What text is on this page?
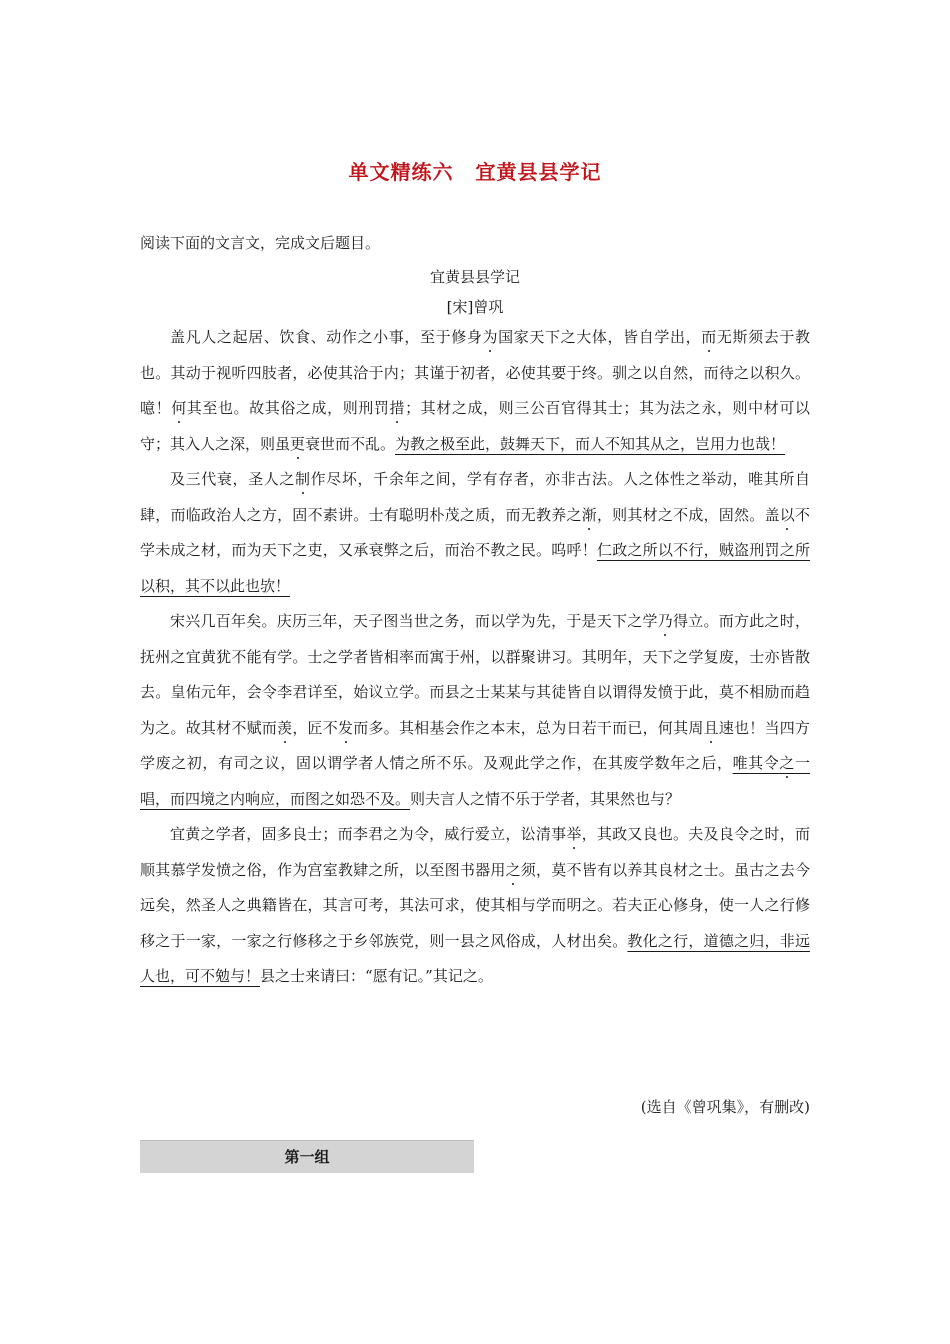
单文精练六 宜黄县县学记
阅读下面的文言文，完成文后题目。
宜黄县县学记
[宋]曾巩

盖凡人之起居、饮食、动作之小事，至于修身为国家天下之大体，皆自学出，而无斯须去于教也。其动于视听四肢者，必使其洽于内；其谨于初者，必使其要于终。驯之以自然，而待之以积久。噫！何其至也。故其俗之成，则刑罚措；其材之成，则三公百官得其士；其为法之永，则中材可以守；其入人之深，则虽更衰世而不乱。为教之极至此，鼓舞天下，而人不知其从之，岂用力也哉！

及三代衰，圣人之制作尽坏，千余年之间，学有存者，亦非古法。人之体性之举动，唯其所自肆，而临政治人之方，固不素讲。士有聪明朴茂之质，而无教养之渐，则其材之不成，固然。盖以不学未成之材，而为天下之吏，又承衰弊之后，而治不教之民。呜呼！仁政之所以不行，贼盗刑罚之所以积，其不以此也欤！

宋兴几百年矣。庆历三年，天子图当世之务，而以学为先，于是天下之学乃得立。而方此之时，抚州之宜黄犹不能有学。士之学者皆相率而寓于州，以群聚讲习。其明年，天下之学复废，士亦皆散去。皇佑元年，会令李君详至，始议立学。而县之士某某与其徒皆自以谓得发愤于此，莫不相励而趋为之。故其材不赋而羡，匠不发而多。其相基会作之本末，总为日若干而已，何其周且速也！当四方学废之初，有司之议，固以谓学者人情之所不乐。及观此学之作，在其废学数年之后，唯其令之一唱，而四境之内响应，而图之如恐不及。则夫言人之情不乐于学者，其果然也与？

宜黄之学者，固多良士；而李君之为令，威行爱立，讼清事举，其政又良也。夫及良令之时，而顺其慕学发愤之俗，作为宫室教肄之所，以至图书器用之须，莫不皆有以养其良材之士。虽古之去今远矣，然圣人之典籍皆在，其言可考，其法可求，使其相与学而明之。若夫正心修身，使一人之行修移之于一家，一家之行修移之于乡邻族党，则一县之风俗成，人材出矣。教化之行，道德之归，非远人也，可不勉与！县之士来请曰：“愿有记。”其记之。

(选自《曾巩集》，有删改)
第一组
